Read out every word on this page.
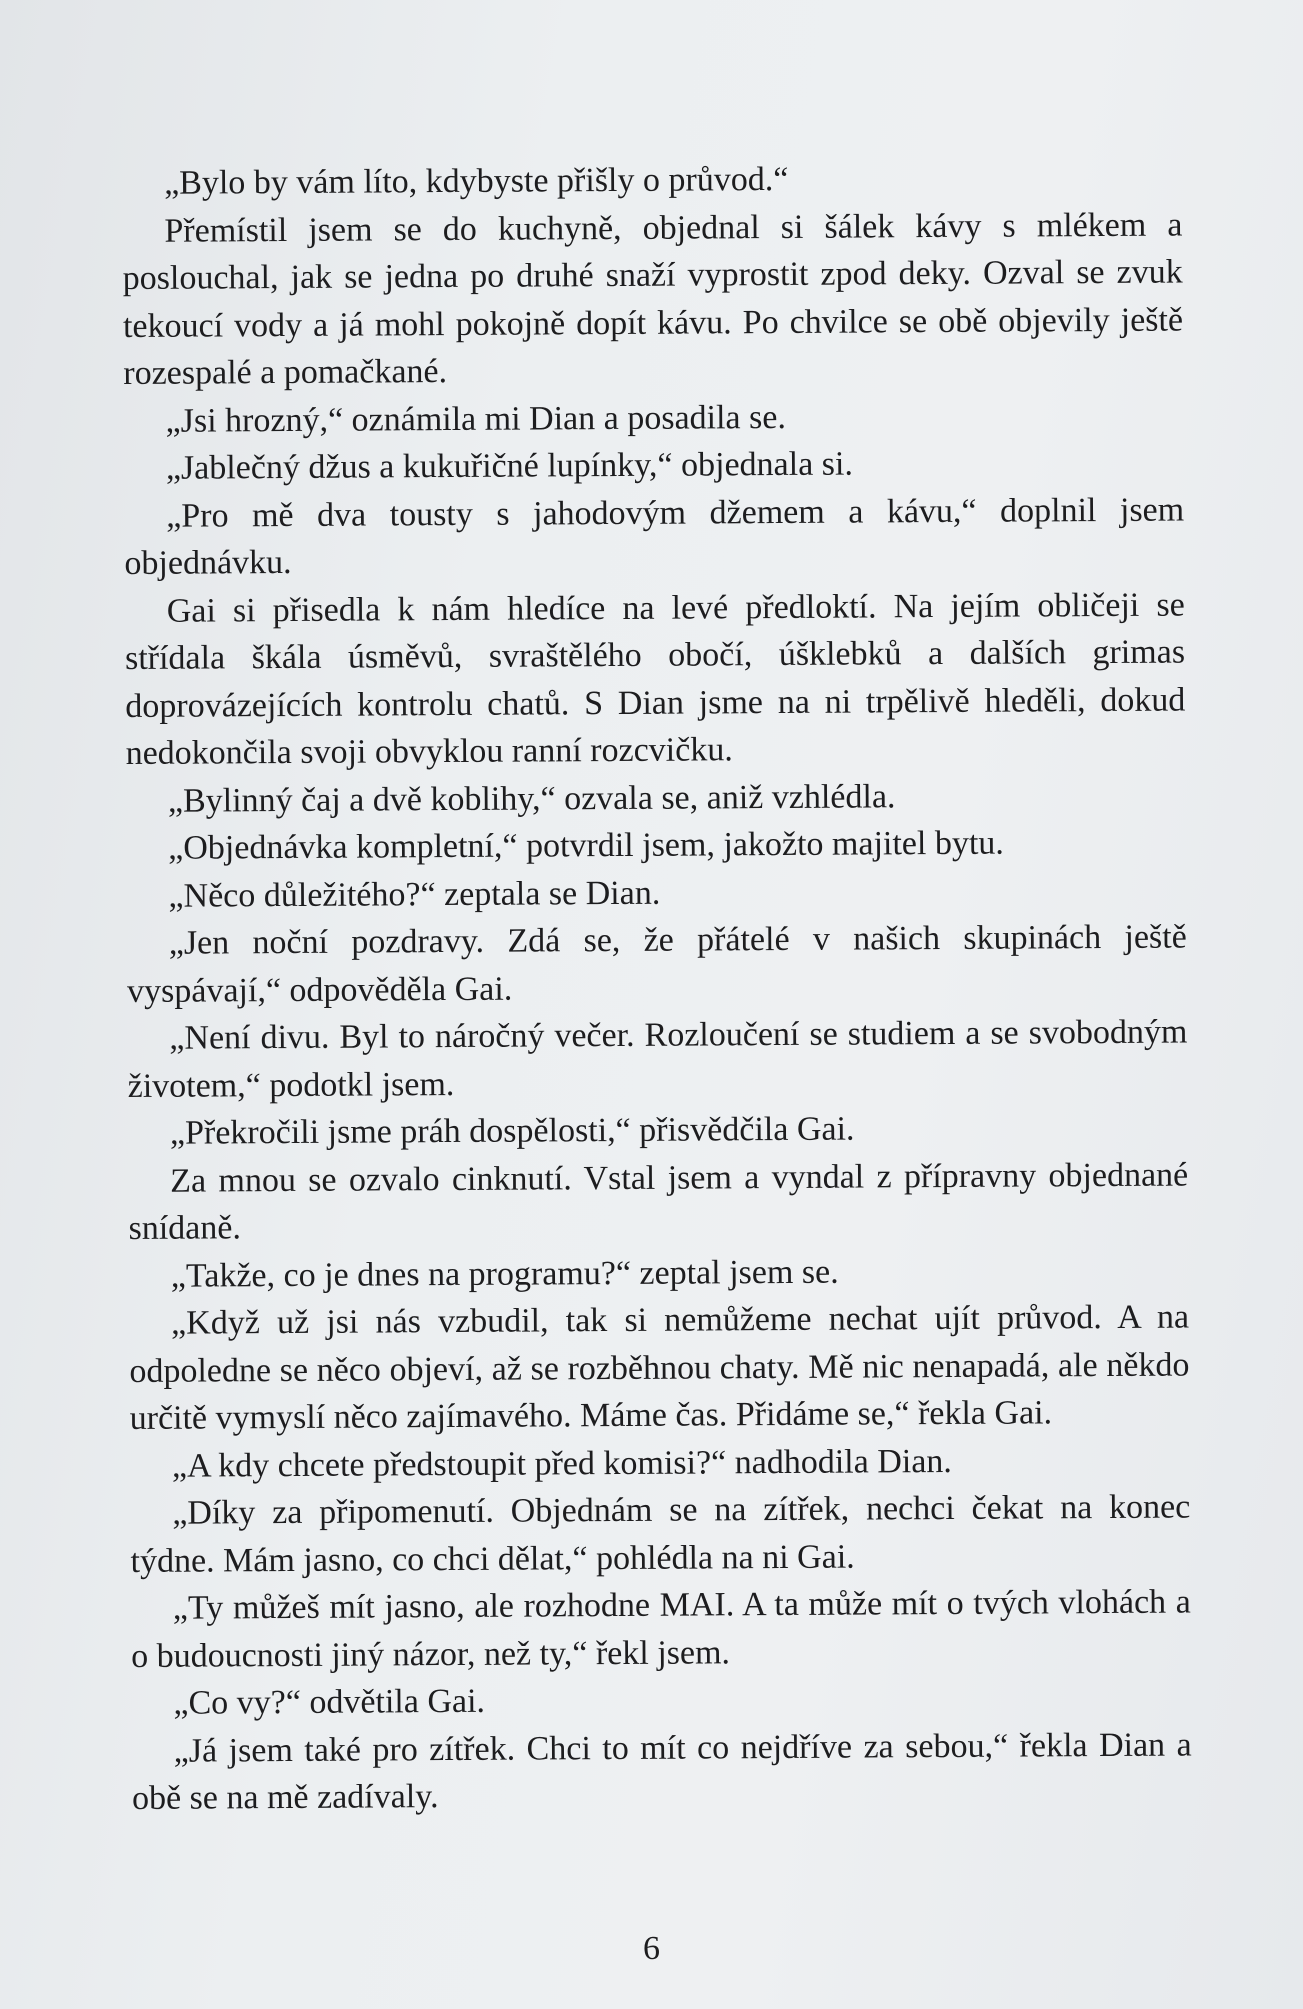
„Bylo by vám líto, kdybyste přišly o průvod.“

Přemístil jsem se do kuchyně, objednal si šálek kávy s mlékem a poslouchal, jak se jedna po druhé snaží vyprostit zpod deky. Ozval se zvuk tekoucí vody a já mohl pokojně dopít kávu. Po chvilce se obě objevily ještě rozespalé a pomačkané.

„Jsi hrozný,“ oznámila mi Dian a posadila se.

„Jablečný džus a kukuřičné lupínky,“ objednala si.

„Pro mě dva tousty s jahodovým džemem a kávu,“ doplnil jsem objednávku.

Gai si přisedla k nám hledíce na levé předloktí. Na jejím obličeji se střídala škála úsměvů, svraštělého obočí, úšklebků a dalších grimas doprovázejících kontrolu chatů. S Dian jsme na ni trpělivě hleděli, dokud nedokončila svoji obvyklou ranní rozcvičku.

„Bylinný čaj a dvě koblihy,“ ozvala se, aniž vzhlédla.

„Objednávka kompletní,“ potvrdil jsem, jakožto majitel bytu.

„Něco důležitého?“ zeptala se Dian.

„Jen noční pozdravy. Zdá se, že přátelé v našich skupinách ještě vyspávají,“ odpověděla Gai.

„Není divu. Byl to náročný večer. Rozloučení se studiem a se svobodným životem,“ podotkl jsem.

„Překročili jsme práh dospělosti,“ přisvědčila Gai.

Za mnou se ozvalo cinknutí. Vstal jsem a vyndal z přípravny objednané snídaně.

„Takže, co je dnes na programu?“ zeptal jsem se.

„Když už jsi nás vzbudil, tak si nemůžeme nechat ujít průvod. A na odpoledne se něco objeví, až se rozběhnou chaty. Mě nic nenapadá, ale někdo určitě vymyslí něco zajímavého. Máme čas. Přidáme se,“ řekla Gai.

„A kdy chcete předstoupit před komisi?“ nadhodila Dian.

„Díky za připomenutí. Objednám se na zítřek, nechci čekat na konec týdne. Mám jasno, co chci dělat,“ pohlédla na ni Gai.

„Ty můžeš mít jasno, ale rozhodne MAI. A ta může mít o tvých vlohách a o budoucnosti jiný názor, než ty,“ řekl jsem.

„Co vy?“ odvětila Gai.

„Já jsem také pro zítřek. Chci to mít co nejdříve za sebou,“ řekla Dian a obě se na mě zadívaly.

6
